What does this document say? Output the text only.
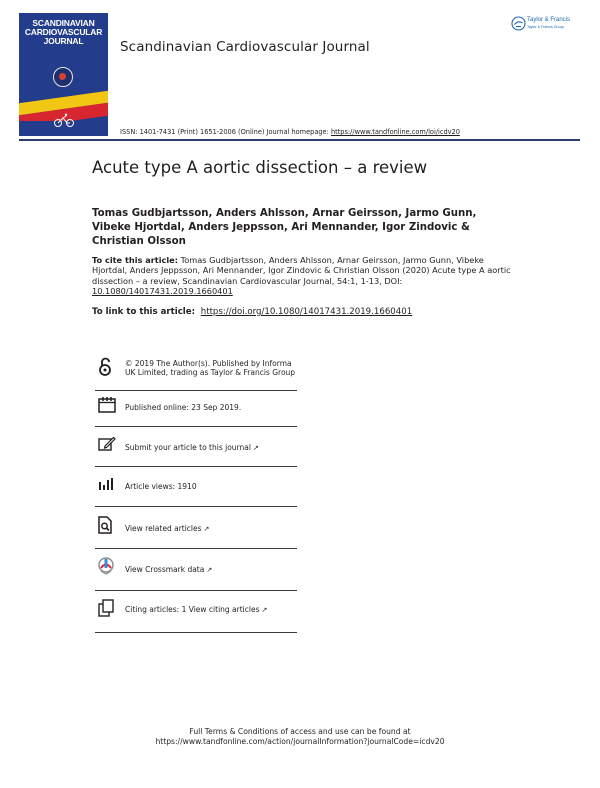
SCANDINAVIAN
CARDIOVASCULAR
JOURNAL	Scandinavian Cardiovascular Journal
Taylor & Francis
Taylor & Francis Group
ISSN: 1401-7431 (Print) 1651-2006 (Online) Journal homepage: https://www.tandfonline.com/loi/icdv20
Acute type A aortic dissection – a review
Tomas Gudbjartsson, Anders Ahlsson, Arnar Geirsson, Jarmo Gunn, Vibeke Hjortdal, Anders Jeppsson, Ari Mennander, Igor Zindovic & Christian Olsson
To cite this article: Tomas Gudbjartsson, Anders Ahlsson, Arnar Geirsson, Jarmo Gunn, Vibeke Hjortdal, Anders Jeppsson, Ari Mennander, Igor Zindovic & Christian Olsson (2020) Acute type A aortic dissection – a review, Scandinavian Cardiovascular Journal, 54:1, 1-13, DOI: 10.1080/14017431.2019.1660401
To link to this article: https://doi.org/10.1080/14017431.2019.1660401
© 2019 The Author(s). Published by Informa UK Limited, trading as Taylor & Francis Group
Published online: 23 Sep 2019.
Submit your article to this journal ↗
Article views: 1910
View related articles ↗
View Crossmark data ↗
Citing articles: 1 View citing articles ↗
Full Terms & Conditions of access and use can be found at
https://www.tandfonline.com/action/journalInformation?journalCode=icdv20
